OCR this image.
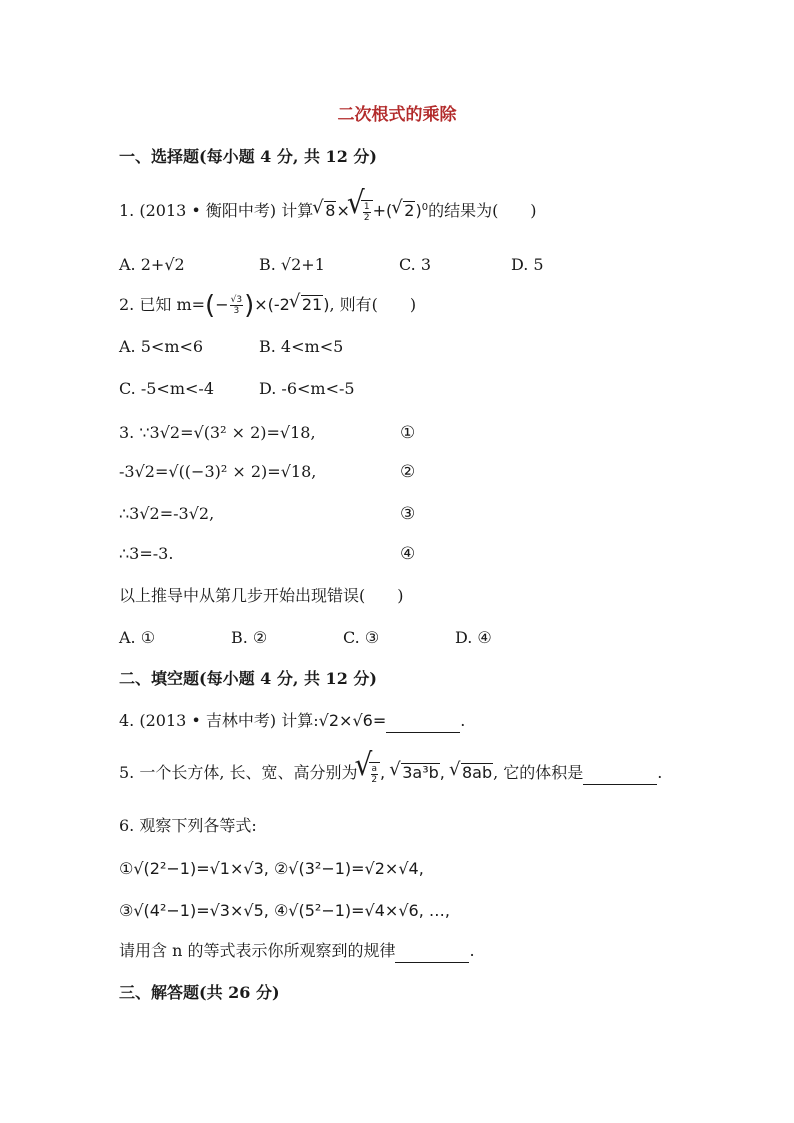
二次根式的乘除
一、选择题(每小题 4 分, 共 12 分)
1. (2013 • 衡阳中考) 计算√ 8×
√ $\frac{1}{2}$ +(√ 2)$^0$的结果为(　　)
A. 2+√2	B. √2+1	C. 3	D. 5
2. 已知 $m=(- \frac{√3}{3} )\times(-2√$ 21), 则有(　　)
A. 5<m<6	B. 4<m<5
C. -5<m<-4	D. -6<m<-5
3. ∵3√2=√(3² × 2)=√18,	①
-3√2=√((−3)² × 2)=√18,	②
∴3√2=-3√2,	③
∴3=-3.	④
以上推导中从第几步开始出现错误(　　)
A. ①	B. ②	C. ③	D. ④
二、填空题(每小题 4 分, 共 12 分)
4. (2013 • 吉林中考) 计算:√2×√6=	.
5. 一个长方体, 长、宽、高分别为
√ $\frac{a}{2}$ , √ 3a³b, √ 8ab, 它的体积是	.
6. 观察下列各等式:
①√(2²−1)=√1×√3, ②√(3²−1)=√2×√4,
③√(4²−1)=√3×√5, ④√(5²−1)=√4×√6, …,
请用含 n 的等式表示你所观察到的规律	.
三、解答题(共 26 分)
